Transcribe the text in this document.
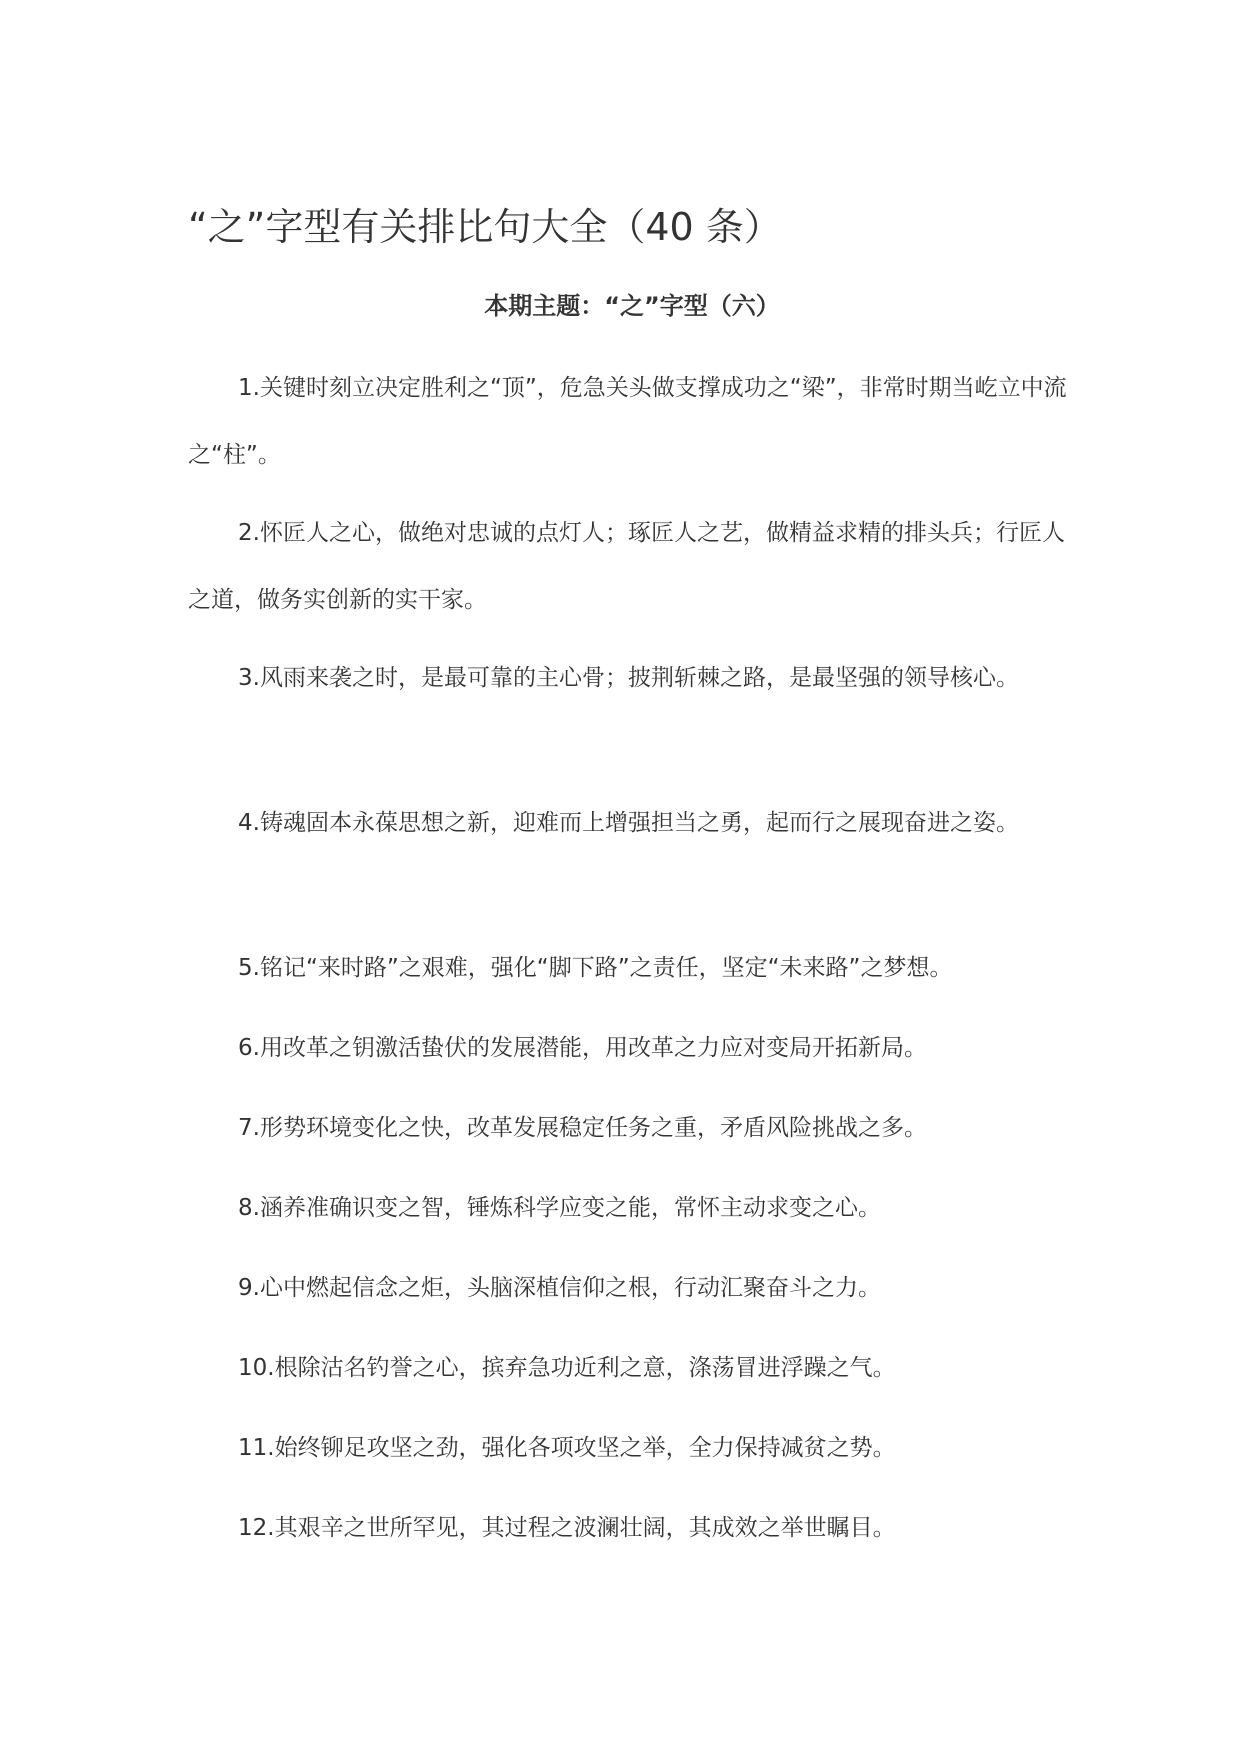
“之”字型有关排比句大全（40 条）
本期主题：“之”字型（六）

1.关键时刻立决定胜利之“顶”，危急关头做支撑成功之“梁”，非常时期当屹立中流之“柱”。

2.怀匠人之心，做绝对忠诚的点灯人；琢匠人之艺，做精益求精的排头兵；行匠人之道，做务实创新的实干家。

3.风雨来袭之时，是最可靠的主心骨；披荆斩棘之路，是最坚强的领导核心。

4.铸魂固本永葆思想之新，迎难而上增强担当之勇，起而行之展现奋进之姿。

5.铭记“来时路”之艰难，强化“脚下路”之责任，坚定“未来路”之梦想。

6.用改革之钥激活蛰伏的发展潜能，用改革之力应对变局开拓新局。

7.形势环境变化之快，改革发展稳定任务之重，矛盾风险挑战之多。

8.涵养准确识变之智，锤炼科学应变之能，常怀主动求变之心。

9.心中燃起信念之炬，头脑深植信仰之根，行动汇聚奋斗之力。

10.根除沽名钓誉之心，摈弃急功近利之意，涤荡冒进浮躁之气。

11.始终铆足攻坚之劲，强化各项攻坚之举，全力保持减贫之势。

12.其艰辛之世所罕见，其过程之波澜壮阔，其成效之举世瞩目。
